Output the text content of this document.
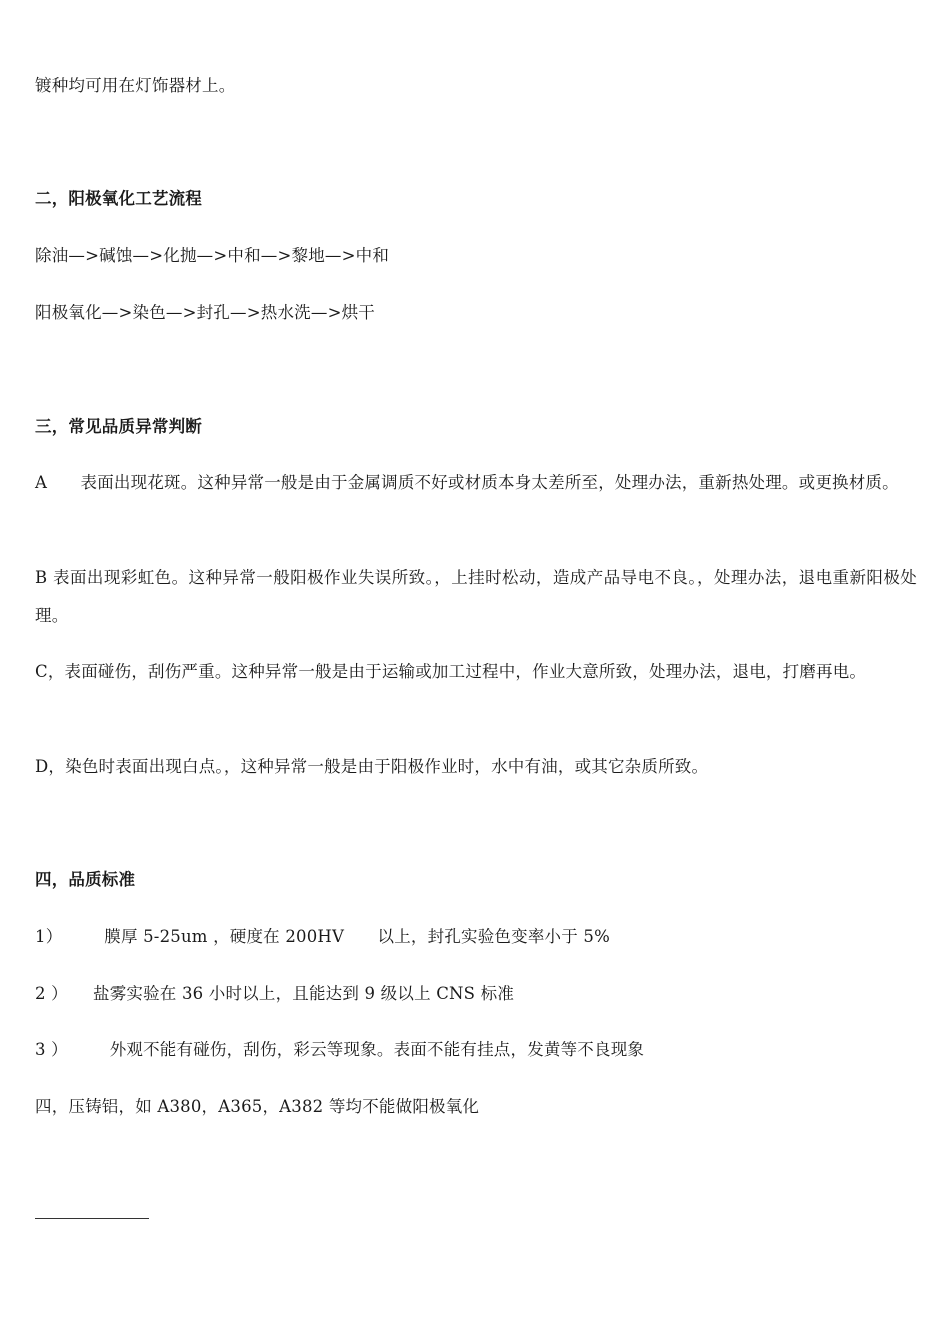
镀种均可用在灯饰器材上。
二，阳极氧化工艺流程
除油—>碱蚀—>化抛—>中和—>黎地—>中和
阳极氧化—>染色—>封孔—>热水洗—>烘干
三，常见品质异常判断
A　　表面出现花斑。这种异常一般是由于金属调质不好或材质本身太差所至，处理办法，重新热处理。或更换材质。
B 表面出现彩虹色。这种异常一般阳极作业失误所致。，上挂时松动，造成产品导电不良。，处理办法，退电重新阳极处理。
C，表面碰伤，刮伤严重。这种异常一般是由于运输或加工过程中，作业大意所致，处理办法，退电，打磨再电。
D，染色时表面出现白点。，这种异常一般是由于阳极作业时，水中有油，或其它杂质所致。
四，品质标准
1）　　　膜厚 5-25um ，硬度在 200HV　　以上，封孔实验色变率小于 5%
2 ）　　盐雾实验在 36 小时以上，且能达到 9 级以上 CNS 标准
3 ）　　　外观不能有碰伤，刮伤，彩云等现象。表面不能有挂点，发黄等不良现象
四，压铸铝，如 A380，A365，A382 等均不能做阳极氧化
